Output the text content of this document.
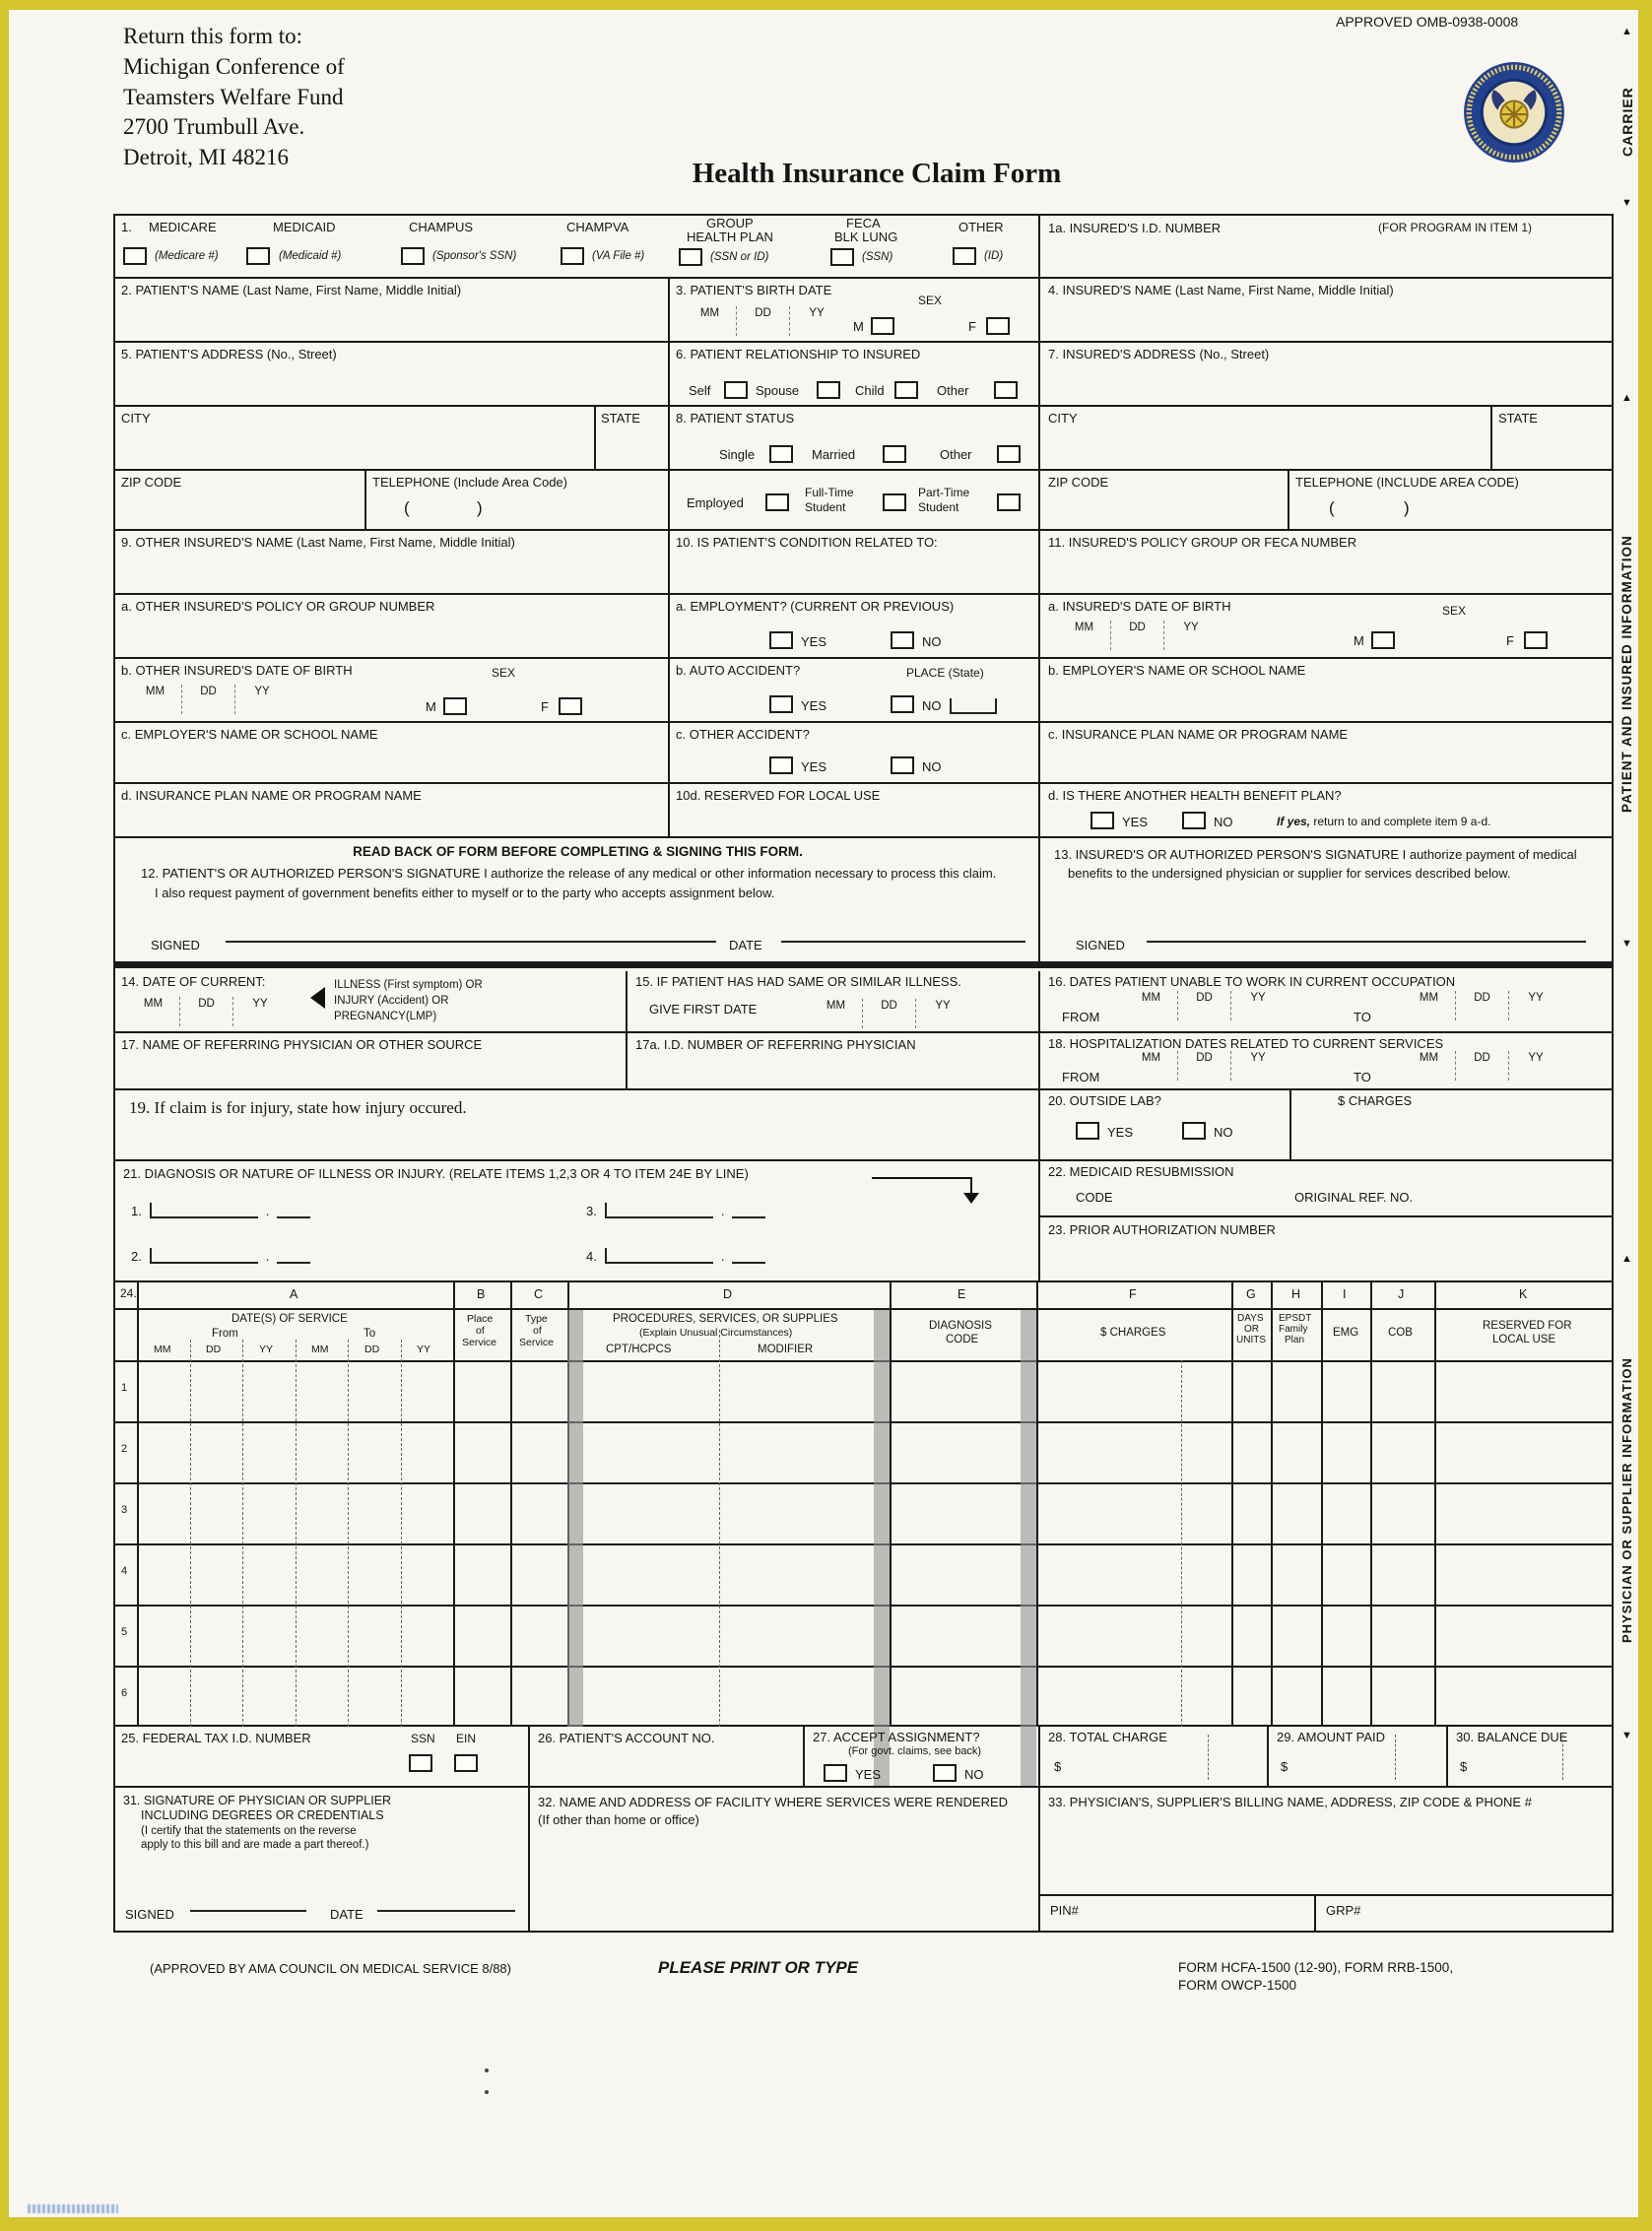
Return this form to:
Michigan Conference of
Teamsters Welfare Fund
2700 Trumbull Ave.
Detroit, MI 48216
APPROVED OMB-0938-0008
Health Insurance Claim Form
▲
CARRIER
▼
▲
PATIENT AND INSURED INFORMATION
▼
▲
PHYSICIAN OR SUPPLIER INFORMATION
▼
1. MEDICARE
(Medicare #)
MEDICAID
(Medicaid #)
CHAMPUS
(Sponsor's SSN)
CHAMPVA
(VA File #)
GROUP
HEALTH PLAN
(SSN or ID)
FECA
BLK LUNG
(SSN)
OTHER
(ID)
1a. INSURED'S I.D. NUMBER	(FOR PROGRAM IN ITEM 1)
2. PATIENT'S NAME (Last Name, First Name, Middle Initial)	3. PATIENT'S BIRTH DATE
MM	DD	YY
SEX
M	F
4. INSURED'S NAME (Last Name, First Name, Middle Initial)
5. PATIENT'S ADDRESS (No., Street)	6. PATIENT RELATIONSHIP TO INSURED
Self	Spouse	Child	Other
7. INSURED'S ADDRESS (No., Street)
CITY	STATE	8. PATIENT STATUS
Single	Married	Other
CITY	STATE
ZIP CODE	TELEPHONE (Include Area Code)
(	)	Employed
Full-Time
Student
Part-Time
Student
ZIP CODE	TELEPHONE (INCLUDE AREA CODE)
(	)
9. OTHER INSURED'S NAME (Last Name, First Name, Middle Initial)	10. IS PATIENT'S CONDITION RELATED TO:	11. INSURED'S POLICY GROUP OR FECA NUMBER
a. OTHER INSURED'S POLICY OR GROUP NUMBER	a. EMPLOYMENT? (CURRENT OR PREVIOUS)
YES	NO
a. INSURED'S DATE OF BIRTH
MM	DD	YY
SEX
M	F
b. OTHER INSURED'S DATE OF BIRTH
MM	DD	YY
SEX
M	F
b. AUTO ACCIDENT?	PLACE (State)
YES	NO
b. EMPLOYER'S NAME OR SCHOOL NAME
c. EMPLOYER'S NAME OR SCHOOL NAME	c. OTHER ACCIDENT?
YES	NO
c. INSURANCE PLAN NAME OR PROGRAM NAME
d. INSURANCE PLAN NAME OR PROGRAM NAME	10d. RESERVED FOR LOCAL USE	d. IS THERE ANOTHER HEALTH BENEFIT PLAN?
YES	NO	If yes, return to and complete item 9 a-d.
READ BACK OF FORM BEFORE COMPLETING & SIGNING THIS FORM.
12. PATIENT'S OR AUTHORIZED PERSON'S SIGNATURE I authorize the release of any medical or other information necessary to process this claim. I also request payment of government benefits either to myself or to the party who accepts assignment below.
SIGNED	DATE
13. INSURED'S OR AUTHORIZED PERSON'S SIGNATURE I authorize payment of medical benefits to the undersigned physician or supplier for services described below.
SIGNED
14. DATE OF CURRENT:
MM	DD	YY
ILLNESS (First symptom) OR
INJURY (Accident) OR
PREGNANCY(LMP)
15. IF PATIENT HAS HAD SAME OR SIMILAR ILLNESS.
GIVE FIRST DATE	MM	DD	YY
16. DATES PATIENT UNABLE TO WORK IN CURRENT OCCUPATION
MM	DD	YY	MM	DD	YY
FROM	TO
17. NAME OF REFERRING PHYSICIAN OR OTHER SOURCE	17a. I.D. NUMBER OF REFERRING PHYSICIAN	18. HOSPITALIZATION DATES RELATED TO CURRENT SERVICES
MM	DD	YY	MM	DD	YY
FROM	TO
19. If claim is for injury, state how injury occured.	20. OUTSIDE LAB?	$ CHARGES
YES	NO
21. DIAGNOSIS OR NATURE OF ILLNESS OR INJURY. (RELATE ITEMS 1,2,3 OR 4 TO ITEM 24E BY LINE)
1.	.	3.	.
2.	.	4.	.
22. MEDICAID RESUBMISSION
CODE	ORIGINAL REF. NO.
23. PRIOR AUTHORIZATION NUMBER
24.	A	B	C	D	E	F	G	H	I	J	K
DATE(S) OF SERVICE
From	To
MM	DD	YY	MM	DD	YY
Place
of
Service
Type
of
Service
PROCEDURES, SERVICES, OR SUPPLIES
(Explain Unusual Circumstances)
CPT/HCPCS	MODIFIER
DIAGNOSIS
CODE
$ CHARGES
DAYS
OR
UNITS
EPSDT
Family
Plan
EMG	COB
RESERVED FOR
LOCAL USE
1
2
3
4
5
6
25. FEDERAL TAX I.D. NUMBER	SSN EIN	26. PATIENT'S ACCOUNT NO.	27. ACCEPT ASSIGNMENT?
(For govt. claims, see back)
YES	NO
28. TOTAL CHARGE
$
29. AMOUNT PAID
$
30. BALANCE DUE
$
31. SIGNATURE OF PHYSICIAN OR SUPPLIER
INCLUDING DEGREES OR CREDENTIALS
(I certify that the statements on the reverse
apply to this bill and are made a part thereof.)
SIGNED	DATE
32. NAME AND ADDRESS OF FACILITY WHERE SERVICES WERE RENDERED (If other than home or office)
33. PHYSICIAN'S, SUPPLIER'S BILLING NAME, ADDRESS, ZIP CODE & PHONE #
PIN#	GRP#
(APPROVED BY AMA COUNCIL ON MEDICAL SERVICE 8/88)	PLEASE PRINT OR TYPE	FORM HCFA-1500 (12-90), FORM RRB-1500,
FORM OWCP-1500
